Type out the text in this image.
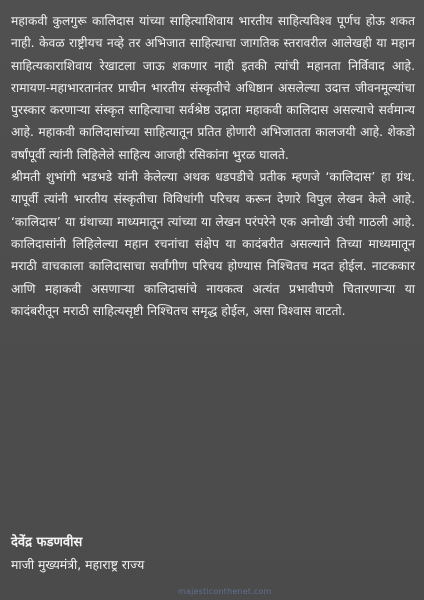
महाकवी कुलगुरू कालिदास यांच्या साहित्याशिवाय भारतीय साहित्यविश्व पूर्णच होऊ शकत नाही. केवळ राष्ट्रीयच नव्हे तर अभिजात साहित्याचा जागतिक स्तरावरील आलेखही या महान साहित्यकाराशिवाय रेखाटला जाऊ शकणार नाही इतकी त्यांची महानता निर्विवाद आहे. रामायण-महाभारतानंतर प्राचीन भारतीय संस्कृतीचे अधिष्ठान असलेल्या उदात्त जीवनमूल्यांचा पुरस्कार करणाऱ्या संस्कृत साहित्याचा सर्वश्रेष्ठ उद्गाता महाकवी कालिदास असल्याचे सर्वमान्य आहे. महाकवी कालिदासांच्या साहित्यातून प्रतित होणारी अभिजातता कालजयी आहे. शेकडो वर्षांपूर्वी त्यांनी लिहिलेले साहित्य आजही रसिकांना भुरळ घालते.

श्रीमती शुभांगी भडभडे यांनी केलेल्या अथक धडपडीचे प्रतीक म्हणजे ‘कालिदास’ हा ग्रंथ. यापूर्वी त्यांनी भारतीय संस्कृतीचा विविधांगी परिचय करून देणारे विपुल लेखन केले आहे. ‘कालिदास’ या ग्रंथाच्या माध्यमातून त्यांच्या या लेखन परंपरेने एक अनोखी उंची गाठली आहे. कालिदासांनी लिहिलेल्या महान रचनांचा संक्षेप या कादंबरीत असल्याने तिच्या माध्यमातून मराठी वाचकाला कालिदासाचा सर्वांगीण परिचय होण्यास निश्चितच मदत होईल. नाटककार आणि महाकवी असणाऱ्या कालिदासांचे नायकत्व अत्यंत प्रभावीपणे चितारणाऱ्या या कादंबरीतून मराठी साहित्यसृष्टी निश्चितच समृद्ध होईल, असा विश्वास वाटतो.

देवेंद्र फडणवीस

माजी मुख्यमंत्री, महाराष्ट्र राज्य

majesticonthenet.com
